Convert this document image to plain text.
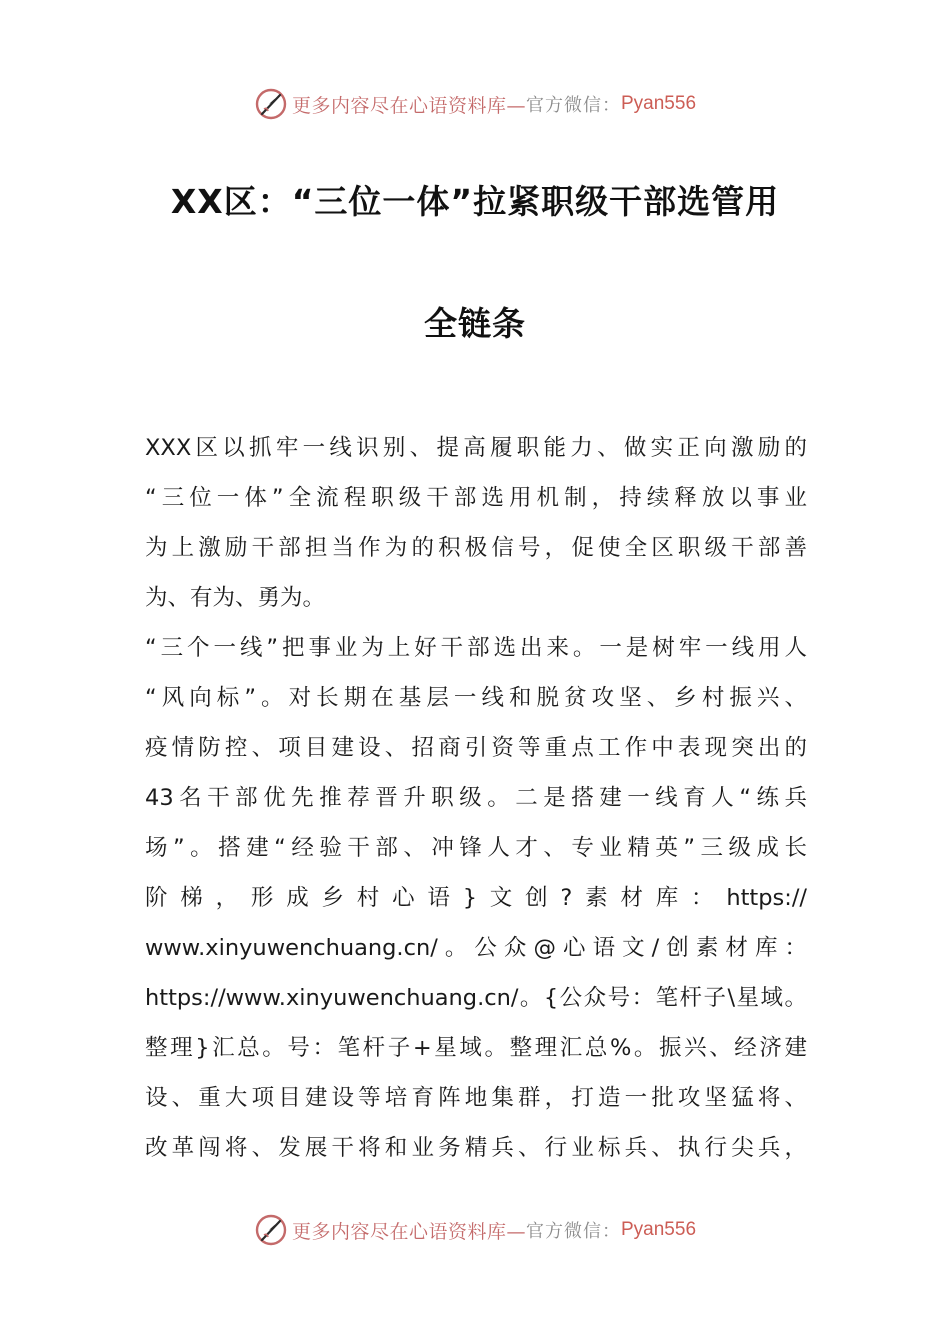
更多内容尽在心语资料库— 官方微信： Pyan556
XX区：“三位一体”拉紧职级干部选管用
全链条
XXX区以抓牢一线识别、提高履职能力、做实正向激励的
“三位一体”全流程职级干部选用机制，持续释放以事业
为上激励干部担当作为的积极信号，促使全区职级干部善
为、有为、勇为。
“三个一线”把事业为上好干部选出来。一是树牢一线用人
“风向标”。对长期在基层一线和脱贫攻坚、乡村振兴、
疫情防控、项目建设、招商引资等重点工作中表现突出的
43名干部优先推荐晋升职级。二是搭建一线育人“练兵
场”。搭建“经验干部、冲锋人才、专业精英”三级成长
阶梯，形成乡村心语}文创?素材库：https://
www.xinyuwenchuang.cn/。公众@心语文/创素材库：
https://www.xinyuwenchuang.cn/。{公众号：笔杆子\星域。
整理}汇总。号：笔杆子+星域。整理汇总%。振兴、经济建
设、重大项目建设等培育阵地集群，打造一批攻坚猛将、
改革闯将、发展干将和业务精兵、行业标兵、执行尖兵，
更多内容尽在心语资料库— 官方微信： Pyan556
